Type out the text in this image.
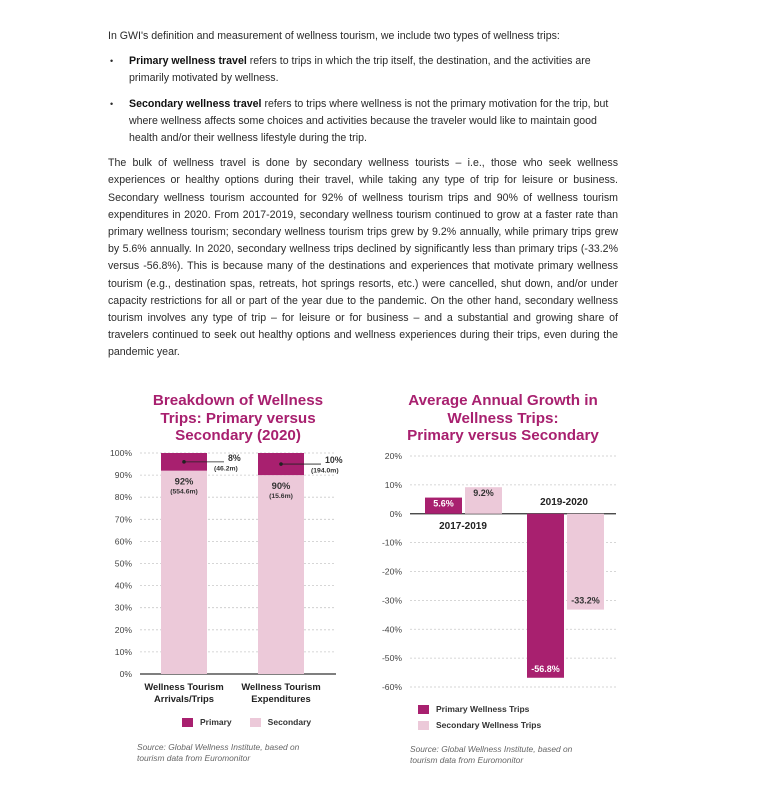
In GWI's definition and measurement of wellness tourism, we include two types of wellness trips:

• Primary wellness travel refers to trips in which the trip itself, the destination, and the activities are primarily motivated by wellness.
• Secondary wellness travel refers to trips where wellness is not the primary motivation for the trip, but where wellness affects some choices and activities because the traveler would like to maintain good health and/or their wellness lifestyle during the trip.

The bulk of wellness travel is done by secondary wellness tourists – i.e., those who seek wellness experiences or healthy options during their travel, while taking any type of trip for leisure or business. Secondary wellness tourism accounted for 92% of wellness tourism trips and 90% of wellness tourism expenditures in 2020. From 2017-2019, secondary wellness tourism continued to grow at a faster rate than primary wellness tourism; secondary wellness tourism trips grew by 9.2% annually, while primary trips grew by 5.6% annually. In 2020, secondary wellness trips declined by significantly less than primary trips (-33.2% versus -56.8%). This is because many of the destinations and experiences that motivate primary wellness tourism (e.g., destination spas, retreats, hot springs resorts, etc.) were cancelled, shut down, and/or under capacity restrictions for all or part of the year due to the pandemic. On the other hand, secondary wellness tourism involves any type of trip – for leisure or for business – and a substantial and growing share of travelers continued to seek out healthy options and wellness experiences during their trips, even during the pandemic year.

Breakdown of Wellness
Trips: Primary versus
Secondary (2020)
0%
10%
20%
30%
40%
50%
60%
70%
80%
90%
100%
92%
(554.6m)
8%
(46.2m)
Wellness Tourism
Arrivals/Trips
90%
(15.6m)
10%
(194.0m)
Wellness Tourism
Expenditures
20%
10%
0%
-10%
-20%
-30%
-40%
-50%
-60%
5.6%
9.2%
-56.8%
-33.2%
2017-2019
2019-2020
Primary	Secondary
Source: Global Wellness Institute, based on tourism data from Euromonitor
Average Annual Growth in
Wellness Trips:
Primary versus Secondary
Primary Wellness Trips
Secondary Wellness Trips
Source: Global Wellness Institute, based on tourism data from Euromonitor
